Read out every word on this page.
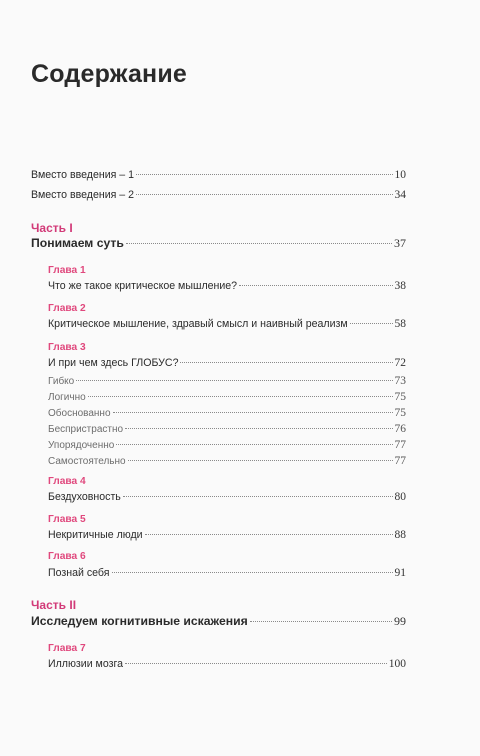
Содержание
Вместо введения – 1	10
Вместо введения – 2	34
Часть I
Понимаем суть	37
Глава 1
Что же такое критическое мышление?	38
Глава 2
Критическое мышление, здравый смысл и наивный реализм	58
Глава 3
И при чем здесь ГЛОБУС?	72
Гибко	73
Логично	75
Обоснованно	75
Беспристрастно	76
Упорядоченно	77
Самостоятельно	77
Глава 4
Бездуховность	80
Глава 5
Некритичные люди	88
Глава 6
Познай себя	91
Часть II
Исследуем когнитивные искажения	99
Глава 7
Иллюзии мозга	100
